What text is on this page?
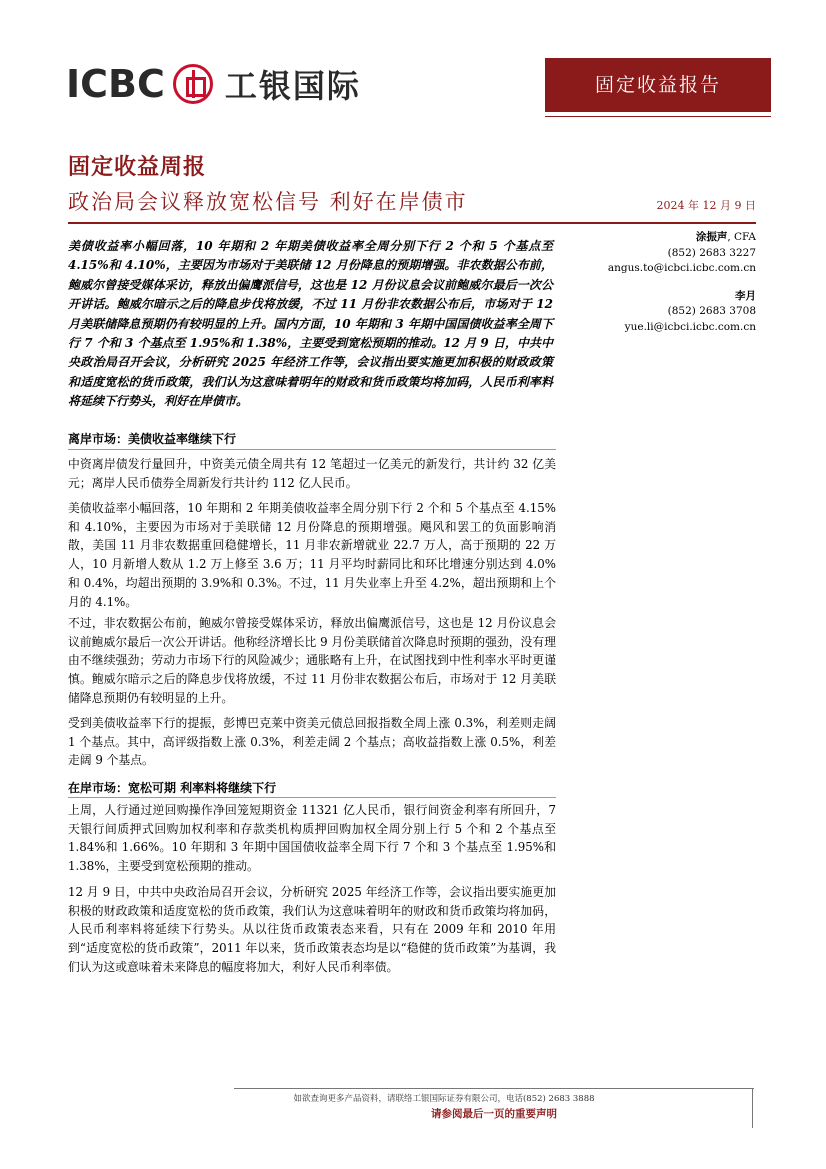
ICBC 工银国际	固定收益报告
固定收益周报
政治局会议释放宽松信号 利好在岸债市	2024 年 12 月 9 日
美债收益率小幅回落，10 年期和 2 年期美债收益率全周分别下行 2 个和 5 个基点至 4.15%和 4.10%，主要因为市场对于美联储 12 月份降息的预期增强。非农数据公布前，鲍威尔曾接受媒体采访，释放出偏鹰派信号，这也是 12 月份议息会议前鲍威尔最后一次公开讲话。鲍威尔暗示之后的降息步伐将放缓，不过 11 月份非农数据公布后，市场对于 12 月美联储降息预期仍有较明显的上升。国内方面，10 年期和 3 年期中国国债收益率全周下行 7 个和 3 个基点至 1.95%和 1.38%，主要受到宽松预期的推动。12 月 9 日，中共中央政治局召开会议，分析研究 2025 年经济工作等，会议指出要实施更加积极的财政政策和适度宽松的货币政策，我们认为这意味着明年的财政和货币政策均将加码，人民币利率料将延续下行势头，利好在岸债市。
涂振声, CFA
(852) 2683 3227
angus.to@icbci.icbc.com.cn
李月
(852) 2683 3708
yue.li@icbci.icbc.com.cn
离岸市场：美债收益率继续下行
中资离岸债发行量回升，中资美元债全周共有 12 笔超过一亿美元的新发行，共计约 32 亿美元；离岸人民币债券全周新发行共计约 112 亿人民币。
美债收益率小幅回落，10 年期和 2 年期美债收益率全周分别下行 2 个和 5 个基点至 4.15%和 4.10%，主要因为市场对于美联储 12 月份降息的预期增强。飓风和罢工的负面影响消散，美国 11 月非农数据重回稳健增长，11 月非农新增就业 22.7 万人，高于预期的 22 万人，10 月新增人数从 1.2 万上修至 3.6 万；11 月平均时薪同比和环比增速分别达到 4.0%和 0.4%，均超出预期的 3.9%和 0.3%。不过，11 月失业率上升至 4.2%，超出预期和上个月的 4.1%。
不过，非农数据公布前，鲍威尔曾接受媒体采访，释放出偏鹰派信号，这也是 12 月份议息会议前鲍威尔最后一次公开讲话。他称经济增长比 9 月份美联储首次降息时预期的强劲，没有理由不继续强劲；劳动力市场下行的风险减少；通胀略有上升，在试图找到中性利率水平时更谨慎。鲍威尔暗示之后的降息步伐将放缓，不过 11 月份非农数据公布后，市场对于 12 月美联储降息预期仍有较明显的上升。
受到美债收益率下行的提振，彭博巴克莱中资美元债总回报指数全周上涨 0.3%，利差则走阔 1 个基点。其中，高评级指数上涨 0.3%，利差走阔 2 个基点；高收益指数上涨 0.5%，利差走阔 9 个基点。
在岸市场：宽松可期 利率料将继续下行
上周，人行通过逆回购操作净回笼短期资金 11321 亿人民币，银行间资金利率有所回升，7 天银行间质押式回购加权利率和存款类机构质押回购加权全周分别上行 5 个和 2 个基点至 1.84%和 1.66%。10 年期和 3 年期中国国债收益率全周下行 7 个和 3 个基点至 1.95%和 1.38%，主要受到宽松预期的推动。
12 月 9 日，中共中央政治局召开会议，分析研究 2025 年经济工作等，会议指出要实施更加积极的财政政策和适度宽松的货币政策，我们认为这意味着明年的财政和货币政策均将加码，人民币利率料将延续下行势头。从以往货币政策表态来看，只有在 2009 年和 2010 年用到“适度宽松的货币政策”，2011 年以来，货币政策表态均是以“稳健的货币政策”为基调，我们认为这或意味着未来降息的幅度将加大，利好人民币利率债。
如欲查询更多产品资料，请联络工银国际证券有限公司，电话(852) 2683 3888
请参阅最后一页的重要声明
